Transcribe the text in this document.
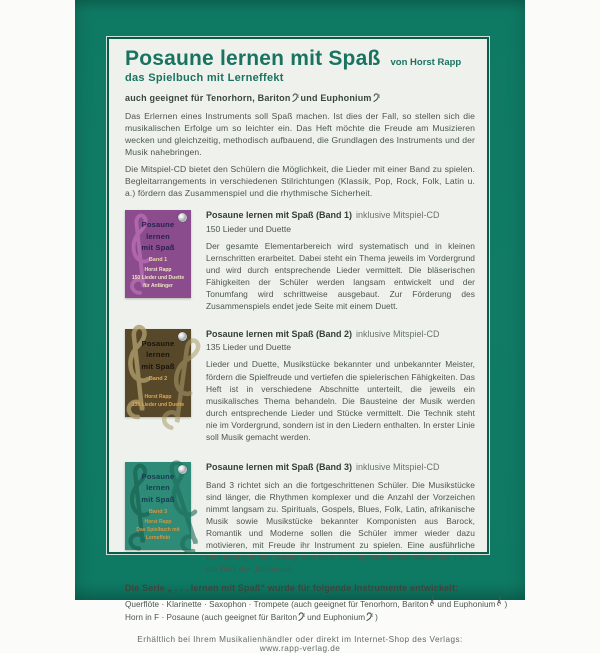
Posaune lernen mit Spaß von Horst Rapp
das Spielbuch mit Lerneffekt
auch geeignet für Tenorhorn, Bariton und Euphonium

Das Erlernen eines Instruments soll Spaß machen. Ist dies der Fall, so stellen sich die musikalischen Erfolge um so leichter ein. Das Heft möchte die Freude am Musizieren wecken und gleichzeitig, methodisch aufbauend, die Grundlagen des Instruments und der Musik nahebringen.

Die Mitspiel-CD bietet den Schülern die Möglichkeit, die Lieder mit einer Band zu spielen. Begleitarrangements in verschiedenen Stilrichtungen (Klassik, Pop, Rock, Folk, Latin u. a.) fördern das Zusammenspiel und die rhythmische Sicherheit.

Posaune
lernen
mit Spaß
Band 1
Horst Rapp
150 Lieder und Duette
für Anfänger
Posaune lernen mit Spaß (Band 1) inklusive Mitspiel-CD
150 Lieder und Duette

Der gesamte Elementarbereich wird systematisch und in kleinen Lernschritten erarbeitet. Dabei steht ein Thema jeweils im Vordergrund und wird durch entsprechende Lieder vermittelt. Die bläserischen Fähigkeiten der Schüler werden langsam entwickelt und der Tonumfang wird schrittweise ausgebaut. Zur Förderung des Zusammenspiels endet jede Seite mit einem Duett.

Posaune
lernen
mit Spaß
Band 2
Horst Rapp
135 Lieder und Duette
Posaune lernen mit Spaß (Band 2) inklusive Mitspiel-CD
135 Lieder und Duette

Lieder und Duette, Musikstücke bekannter und unbekannter Meister, fördern die Spielfreude und vertiefen die spielerischen Fähigkeiten. Das Heft ist in verschiedene Abschnitte unterteilt, die jeweils ein musikalisches Thema behandeln. Die Bausteine der Musik werden durch entsprechende Lieder und Stücke vermittelt. Die Technik steht nie im Vordergrund, sondern ist in den Liedern enthalten. In erster Linie soll Musik gemacht werden.

Posaune
lernen
mit Spaß
Band 3
Horst Rapp
Das Spielbuch mit
Lerneffekt
Posaune lernen mit Spaß (Band 3) inklusive Mitspiel-CD

Band 3 richtet sich an die fortgeschrittenen Schüler. Die Musikstücke sind länger, die Rhythmen komplexer und die Anzahl der Vorzeichen nimmt langsam zu. Spirituals, Gospels, Blues, Folk, Latin, afrikanische Musik sowie Musikstücke bekannter Komponisten aus Barock, Romantik und Moderne sollen die Schüler immer wieder dazu motivieren, mit Freude ihr Instrument zu spielen. Eine ausführliche Einführung in den Swing und viele Synkopenvarianten öffnen die Tür in die Welt der Jazzmusik.

Die Serie „ . . . lernen mit Spaß“ wurde für folgende Instrumente entwickelt:
Querflöte · Klarinette · Saxophon · Trompete (auch geeignet für Tenorhorn, Bariton und Euphonium )
Horn in F · Posaune (auch geeignet für Bariton und Euphonium )
Erhältlich bei Ihrem Musikalienhändler oder direkt im Internet-Shop des Verlags: www.rapp-verlag.de
